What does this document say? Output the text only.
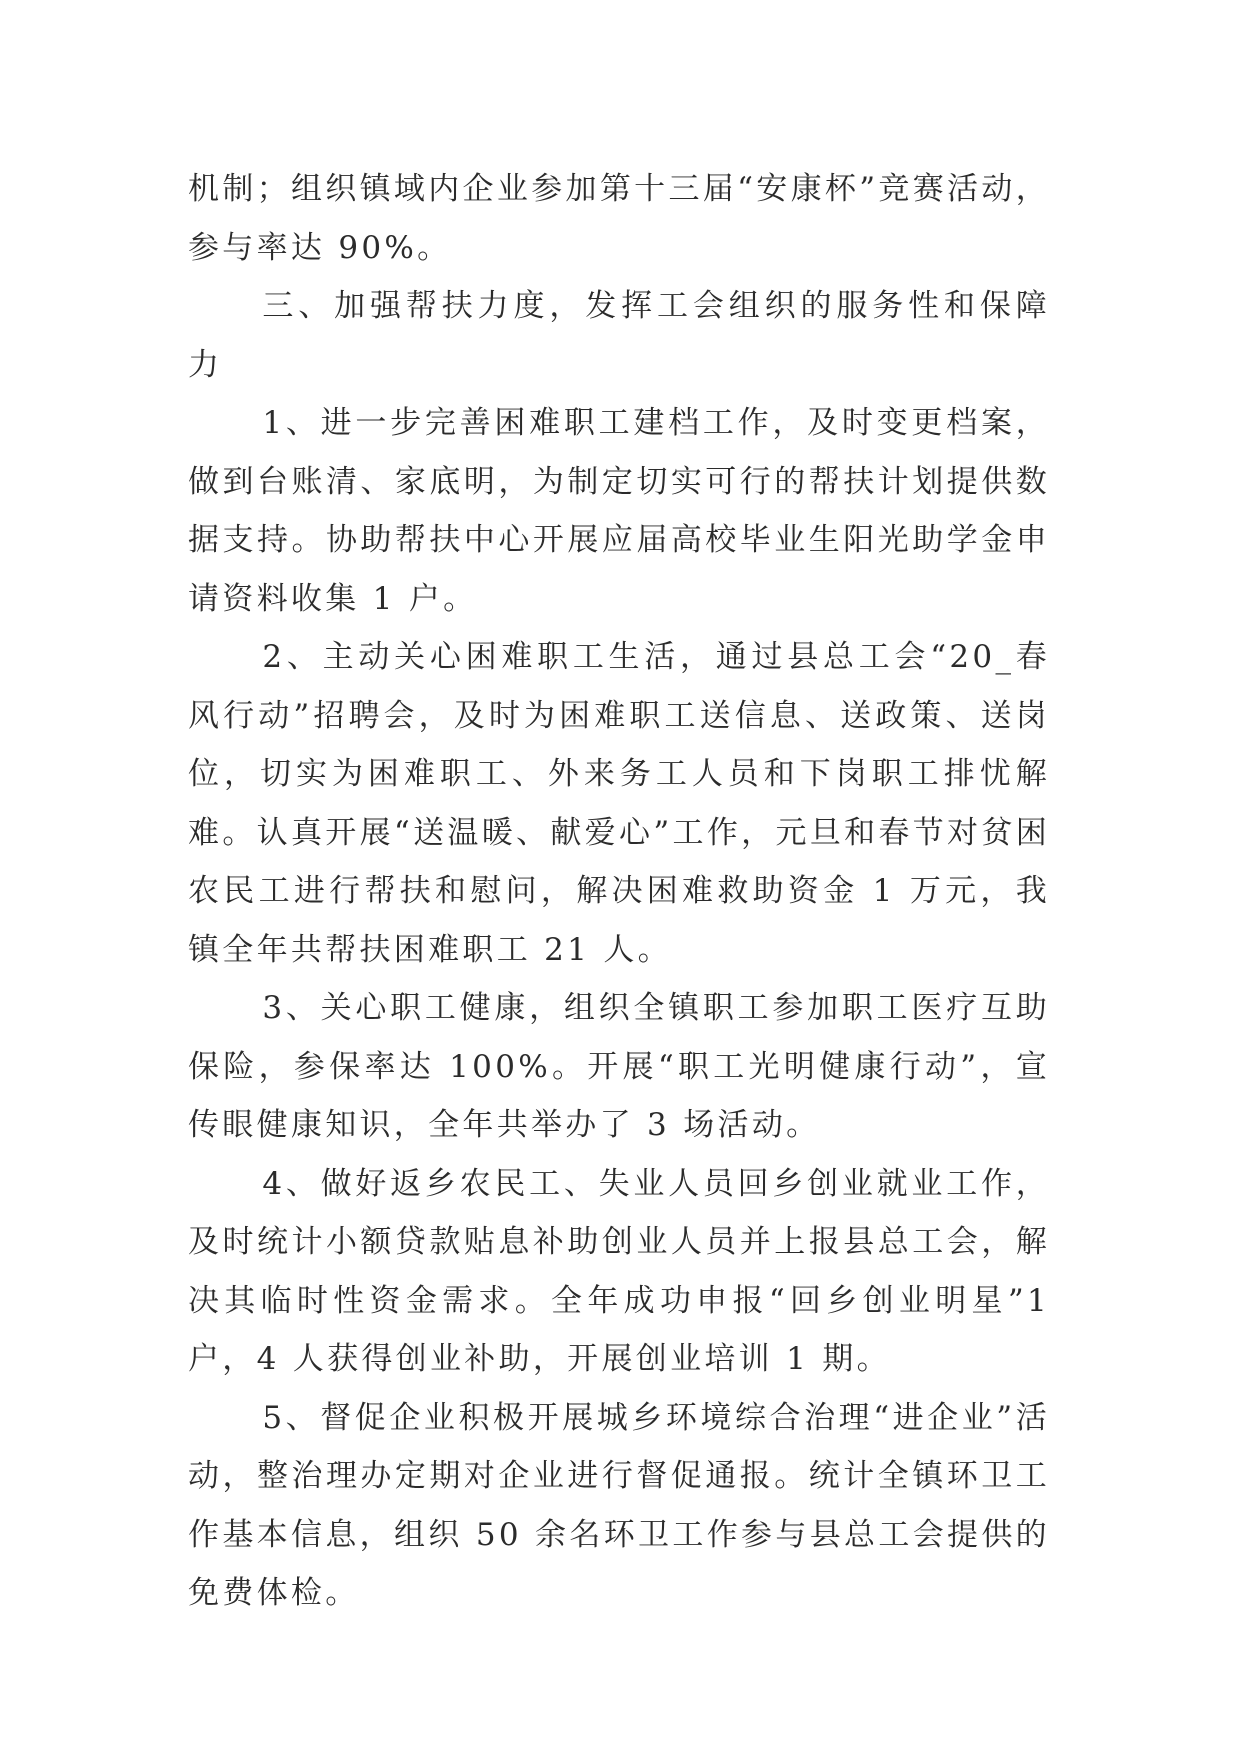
机制；组织镇域内企业参加第十三届“安康杯”竞赛活动，参与率达 90%。

三、加强帮扶力度，发挥工会组织的服务性和保障力

1、进一步完善困难职工建档工作，及时变更档案，做到台账清、家底明，为制定切实可行的帮扶计划提供数据支持。协助帮扶中心开展应届高校毕业生阳光助学金申请资料收集 1 户。

2、主动关心困难职工生活，通过县总工会“20_春风行动”招聘会，及时为困难职工送信息、送政策、送岗位，切实为困难职工、外来务工人员和下岗职工排忧解难。认真开展“送温暖、献爱心”工作，元旦和春节对贫困农民工进行帮扶和慰问，解决困难救助资金 1 万元，我镇全年共帮扶困难职工 21 人。

3、关心职工健康，组织全镇职工参加职工医疗互助保险，参保率达 100%。开展“职工光明健康行动”，宣传眼健康知识，全年共举办了 3 场活动。

4、做好返乡农民工、失业人员回乡创业就业工作，及时统计小额贷款贴息补助创业人员并上报县总工会，解决其临时性资金需求。全年成功申报“回乡创业明星”1 户，4 人获得创业补助，开展创业培训 1 期。

5、督促企业积极开展城乡环境综合治理“进企业”活动，整治理办定期对企业进行督促通报。统计全镇环卫工作基本信息，组织 50 余名环卫工作参与县总工会提供的免费体检。
